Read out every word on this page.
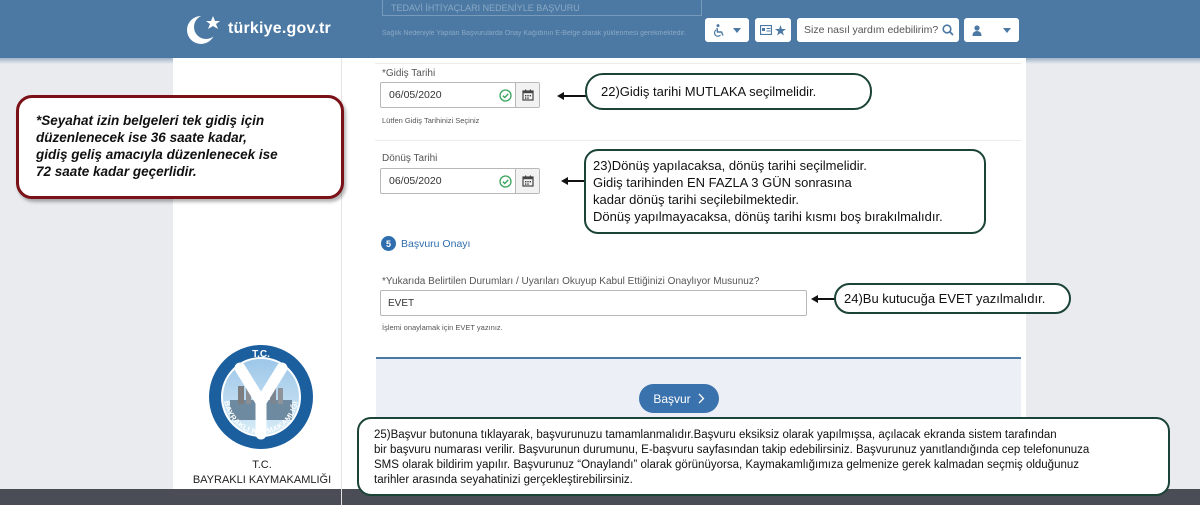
türkiye.gov.tr
TEDAVİ İHTİYAÇLARI NEDENİYLE BAŞVURU
Sağlık Nedeniyle Yapılan Başvurularda Onay Kağıdının E-Belge olarak yüklenmesi gerekmektedir.
Size nasıl yardım edebilirim?
*Gidiş Tarihi
06/05/2020
Lütfen Gidiş Tarihinizi Seçiniz
Dönüş Tarihi
06/05/2020
5 Başvuru Onayı
*Yukarıda Belirtilen Durumları / Uyarıları Okuyup Kabul Ettiğinizi Onaylıyor Musunuz?
EVET
İşlemi onaylamak için EVET yazınız.
Başvur
T.C.
BAYRAKLI KAYMAKAMLIĞI
T.C.
BAYRAKLI KAYMAKAMLIĞI
*Seyahat izin belgeleri tek gidiş için
düzenlenecek ise 36 saate kadar,
gidiş geliş amacıyla düzenlenecek ise
72 saate kadar geçerlidir.
22)Gidiş tarihi MUTLAKA seçilmelidir.
23)Dönüş yapılacaksa, dönüş tarihi seçilmelidir.
Gidiş tarihinden EN FAZLA 3 GÜN sonrasına
kadar dönüş tarihi seçilebilmektedir.
Dönüş yapılmayacaksa, dönüş tarihi kısmı boş bırakılmalıdır.
24)Bu kutucuğa EVET yazılmalıdır.
25)Başvur butonuna tıklayarak, başvurunuzu tamamlanmalıdır.Başvuru eksiksiz olarak yapılmışsa, açılacak ekranda sistem tarafından
bir başvuru numarası verilir. Başvurunun durumunu, E-başvuru sayfasından takip edebilirsiniz. Başvurunuz yanıtlandığında cep telefonunuza
SMS olarak bildirim yapılır. Başvurunuz “Onaylandı” olarak görünüyorsa, Kaymakamlığımıza gelmenize gerek kalmadan seçmiş olduğunuz
tarihler arasında seyahatinizi gerçekleştirebilirsiniz.
